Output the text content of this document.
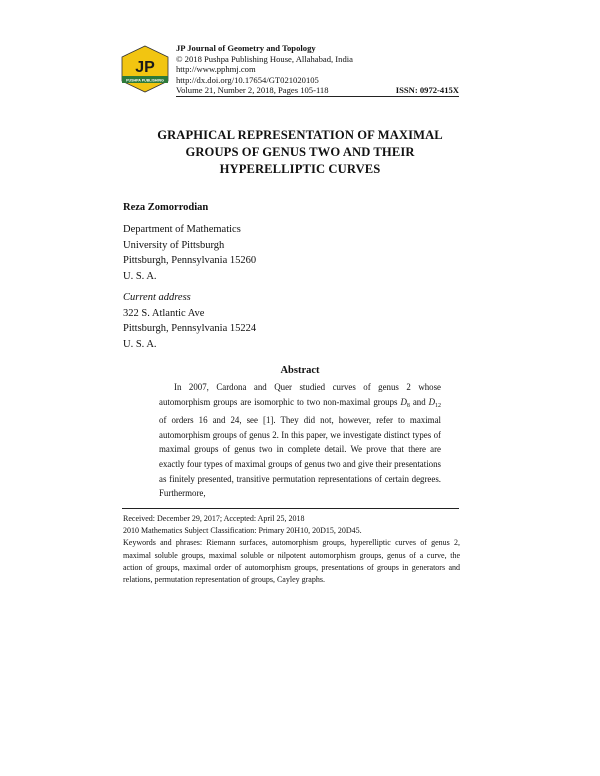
JP
PUSHPA PUBLISHING
JP Journal of Geometry and Topology
© 2018 Pushpa Publishing House, Allahabad, India
http://www.pphmj.com
http://dx.doi.org/10.17654/GT021020105
Volume 21, Number 2, 2018, Pages 105-118	ISSN: 0972-415X
GRAPHICAL REPRESENTATION OF MAXIMAL
GROUPS OF GENUS TWO AND THEIR
HYPERELLIPTIC CURVES
Reza Zomorrodian
Department of Mathematics
University of Pittsburgh
Pittsburgh, Pennsylvania 15260
U. S. A.
Current address
322 S. Atlantic Ave
Pittsburgh, Pennsylvania 15224
U. S. A.
Abstract

In 2007, Cardona and Quer studied curves of genus 2 whose automorphism groups are isomorphic to two non-maximal groups $D_8$ and $D_{12}$ of orders 16 and 24, see [1]. They did not, however, refer to maximal automorphism groups of genus 2. In this paper, we investigate distinct types of maximal groups of genus two in complete detail. We prove that there are exactly four types of maximal groups of genus two and give their presentations as finitely presented, transitive permutation representations of certain degrees. Furthermore,

Received: December 29, 2017; Accepted: April 25, 2018
2010 Mathematics Subject Classification: Primary 20H10, 20D15, 20D45.
Keywords and phrases: Riemann surfaces, automorphism groups, hyperelliptic curves of genus 2, maximal soluble groups, maximal soluble or nilpotent automorphism groups, genus of a curve, the action of groups, maximal order of automorphism groups, presentations of groups in generators and relations, permutation representation of groups, Cayley graphs.
